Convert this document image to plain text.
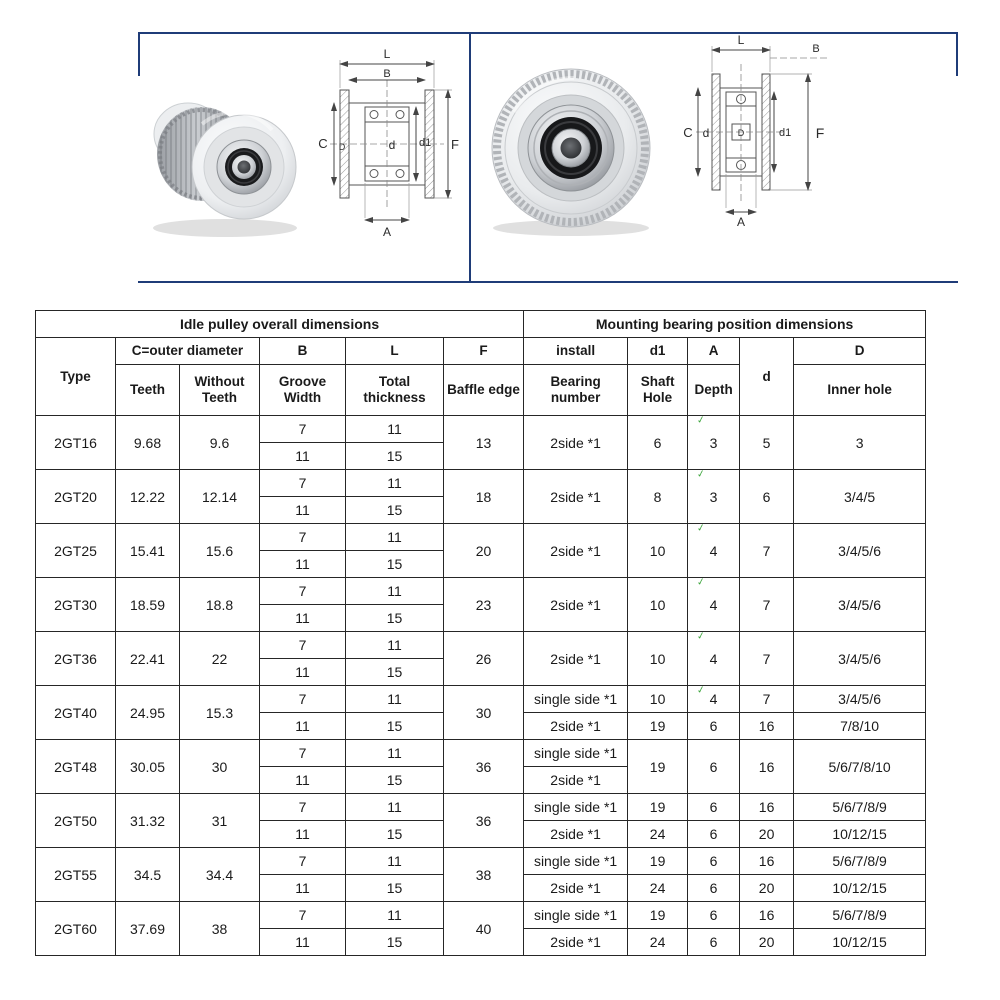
L
B
C D	d d1 F
A
L
B
C d	D	d1 F
A
Idle pulley overall dimensions						Mounting bearing position dimensions				
Type	C=outer diameter		B	L	F	install	d1	A	d	D
	Teeth	Without Teeth	Groove Width	Total thickness	Baffle edge	Bearing number	Shaft Hole	Depth		Inner hole
2GT16	9.68	9.6	7	11	13	2side *1	6	✓ 3	5	3
			11	15						
2GT20	12.22	12.14	7	11	18	2side *1	8	✓ 3	6	3/4/5
			11	15						
2GT25	15.41	15.6	7	11	20	2side *1	10	✓ 4	7	3/4/5/6
			11	15						
2GT30	18.59	18.8	7	11	23	2side *1	10	✓ 4	7	3/4/5/6
			11	15						
2GT36	22.41	22	7	11	26	2side *1	10	✓ 4	7	3/4/5/6
			11	15						
2GT40	24.95	15.3	7	11	30	single side *1	10	✓ 4	7	3/4/5/6
			11	15		2side *1	19	6	16	7/8/10
2GT48	30.05	30	7	11	36	single side *1	19	6	16	5/6/7/8/10
			11	15		2side *1				
2GT50	31.32	31	7	11	36	single side *1	19	6	16	5/6/7/8/9
			11	15		2side *1	24	6	20	10/12/15
2GT55	34.5	34.4	7	11	38	single side *1	19	6	16	5/6/7/8/9
			11	15		2side *1	24	6	20	10/12/15
2GT60	37.69	38	7	11	40	single side *1	19	6	16	5/6/7/8/9
			11	15		2side *1	24	6	20	10/12/15
